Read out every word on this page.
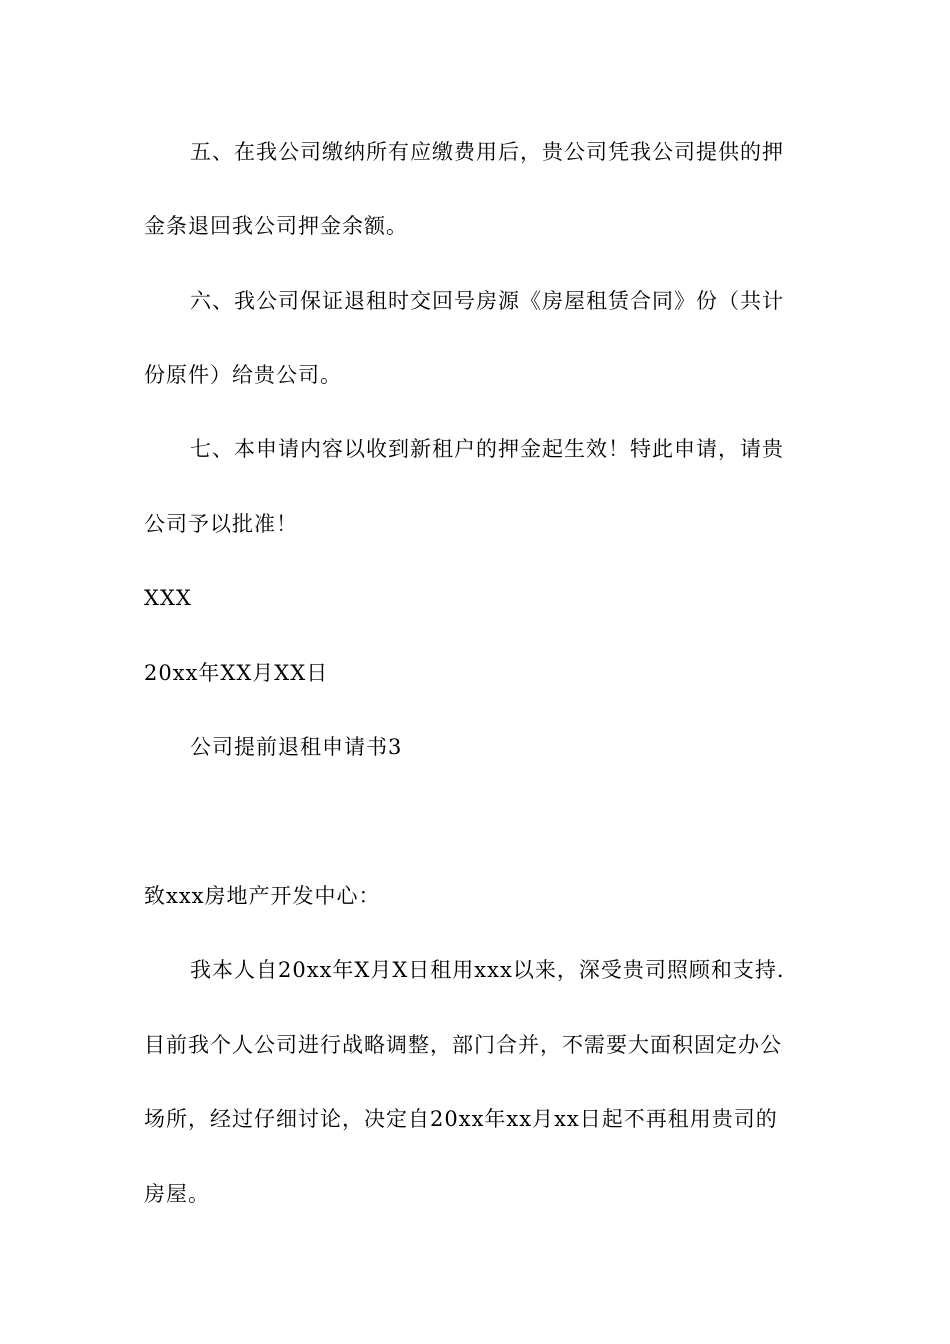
五、在我公司缴纳所有应缴费用后，贵公司凭我公司提供的押
金条退回我公司押金余额。
六、我公司保证退租时交回号房源《房屋租赁合同》份（共计
份原件）给贵公司。
七、本申请内容以收到新租户的押金起生效！特此申请，请贵
公司予以批准！
XXX
20xx年XX月XX日
公司提前退租申请书3
致xxx房地产开发中心：
我本人自20xx年X月X日租用xxx以来，深受贵司照顾和支持.
目前我个人公司进行战略调整，部门合并，不需要大面积固定办公
场所，经过仔细讨论，决定自20xx年xx月xx日起不再租用贵司的
房屋。
